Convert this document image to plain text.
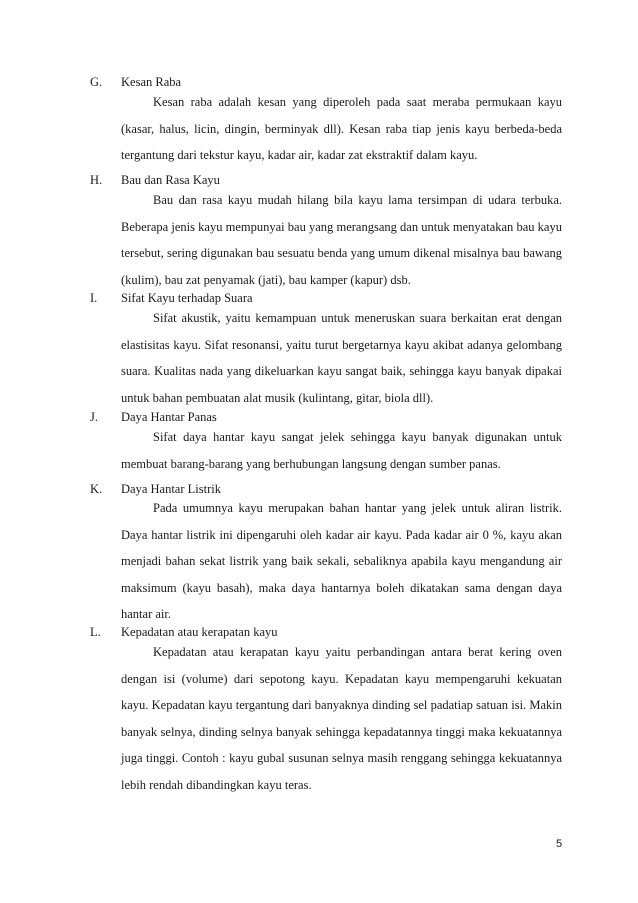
G. Kesan Raba

Kesan raba adalah kesan yang diperoleh pada saat meraba permukaan kayu (kasar, halus, licin, dingin, berminyak dll). Kesan raba tiap jenis kayu berbeda-beda tergantung dari tekstur kayu, kadar air, kadar zat ekstraktif dalam kayu.

H. Bau dan Rasa Kayu

Bau dan rasa kayu mudah hilang bila kayu lama tersimpan di udara terbuka. Beberapa jenis kayu mempunyai bau yang merangsang dan untuk menyatakan bau kayu tersebut, sering digunakan bau sesuatu benda yang umum dikenal misalnya bau bawang (kulim), bau zat penyamak (jati), bau kamper (kapur) dsb.

I. Sifat Kayu terhadap Suara

Sifat akustik, yaitu kemampuan untuk meneruskan suara berkaitan erat dengan elastisitas kayu. Sifat resonansi, yaitu turut bergetarnya kayu akibat adanya gelombang suara. Kualitas nada yang dikeluarkan kayu sangat baik, sehingga kayu banyak dipakai untuk bahan pembuatan alat musik (kulintang, gitar, biola dll).

J. Daya Hantar Panas

Sifat daya hantar kayu sangat jelek sehingga kayu banyak digunakan untuk membuat barang-barang yang berhubungan langsung dengan sumber panas.

K. Daya Hantar Listrik

Pada umumnya kayu merupakan bahan hantar yang jelek untuk aliran listrik. Daya hantar listrik ini dipengaruhi oleh kadar air kayu. Pada kadar air 0 %, kayu akan menjadi bahan sekat listrik yang baik sekali, sebaliknya apabila kayu mengandung air maksimum (kayu basah), maka daya hantarnya boleh dikatakan sama dengan daya hantar air.

L. Kepadatan atau kerapatan kayu

Kepadatan atau kerapatan kayu yaitu perbandingan antara berat kering oven dengan isi (volume) dari sepotong kayu. Kepadatan kayu mempengaruhi kekuatan kayu. Kepadatan kayu tergantung dari banyaknya dinding sel padatiap satuan isi. Makin banyak selnya, dinding selnya banyak sehingga kepadatannya tinggi maka kekuatannya juga tinggi. Contoh : kayu gubal susunan selnya masih renggang sehingga kekuatannya lebih rendah dibandingkan kayu teras.

5
